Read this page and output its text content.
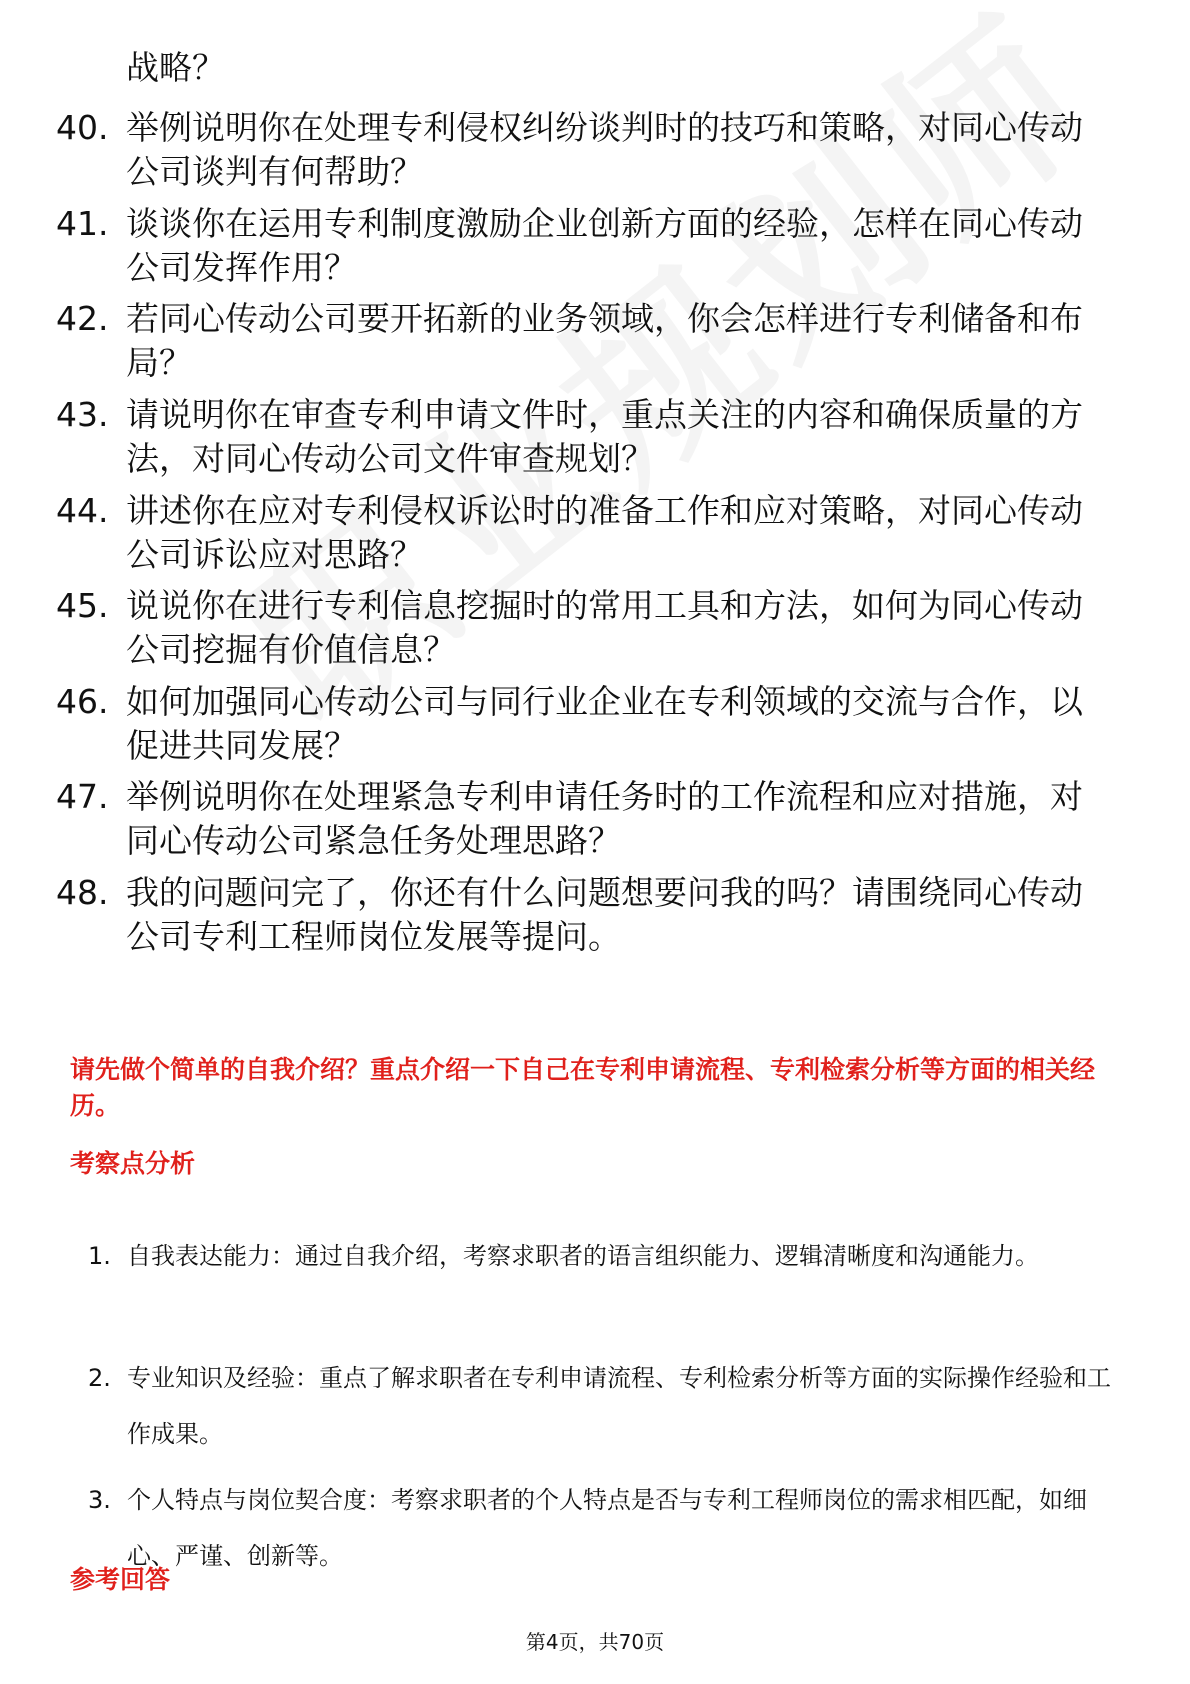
战略？
40. 举例说明你在处理专利侵权纠纷谈判时的技巧和策略，对同心传动公司谈判有何帮助？
41. 谈谈你在运用专利制度激励企业创新方面的经验，怎样在同心传动公司发挥作用？
42. 若同心传动公司要开拓新的业务领域，你会怎样进行专利储备和布局？
43. 请说明你在审查专利申请文件时，重点关注的内容和确保质量的方法，对同心传动公司文件审查规划？
44. 讲述你在应对专利侵权诉讼时的准备工作和应对策略，对同心传动公司诉讼应对思路？
45. 说说你在进行专利信息挖掘时的常用工具和方法，如何为同心传动公司挖掘有价值信息？
46. 如何加强同心传动公司与同行业企业在专利领域的交流与合作，以促进共同发展？
47. 举例说明你在处理紧急专利申请任务时的工作流程和应对措施，对同心传动公司紧急任务处理思路？
48. 我的问题问完了，你还有什么问题想要问我的吗？请围绕同心传动公司专利工程师岗位发展等提问。
请先做个简单的自我介绍？重点介绍一下自己在专利申请流程、专利检索分析等方面的相关经历。
考察点分析
1. 自我表达能力：通过自我介绍，考察求职者的语言组织能力、逻辑清晰度和沟通能力。
2. 专业知识及经验：重点了解求职者在专利申请流程、专利检索分析等方面的实际操作经验和工作成果。
3. 个人特点与岗位契合度：考察求职者的个人特点是否与专利工程师岗位的需求相匹配，如细心、严谨、创新等。
参考回答
第4页，共70页
